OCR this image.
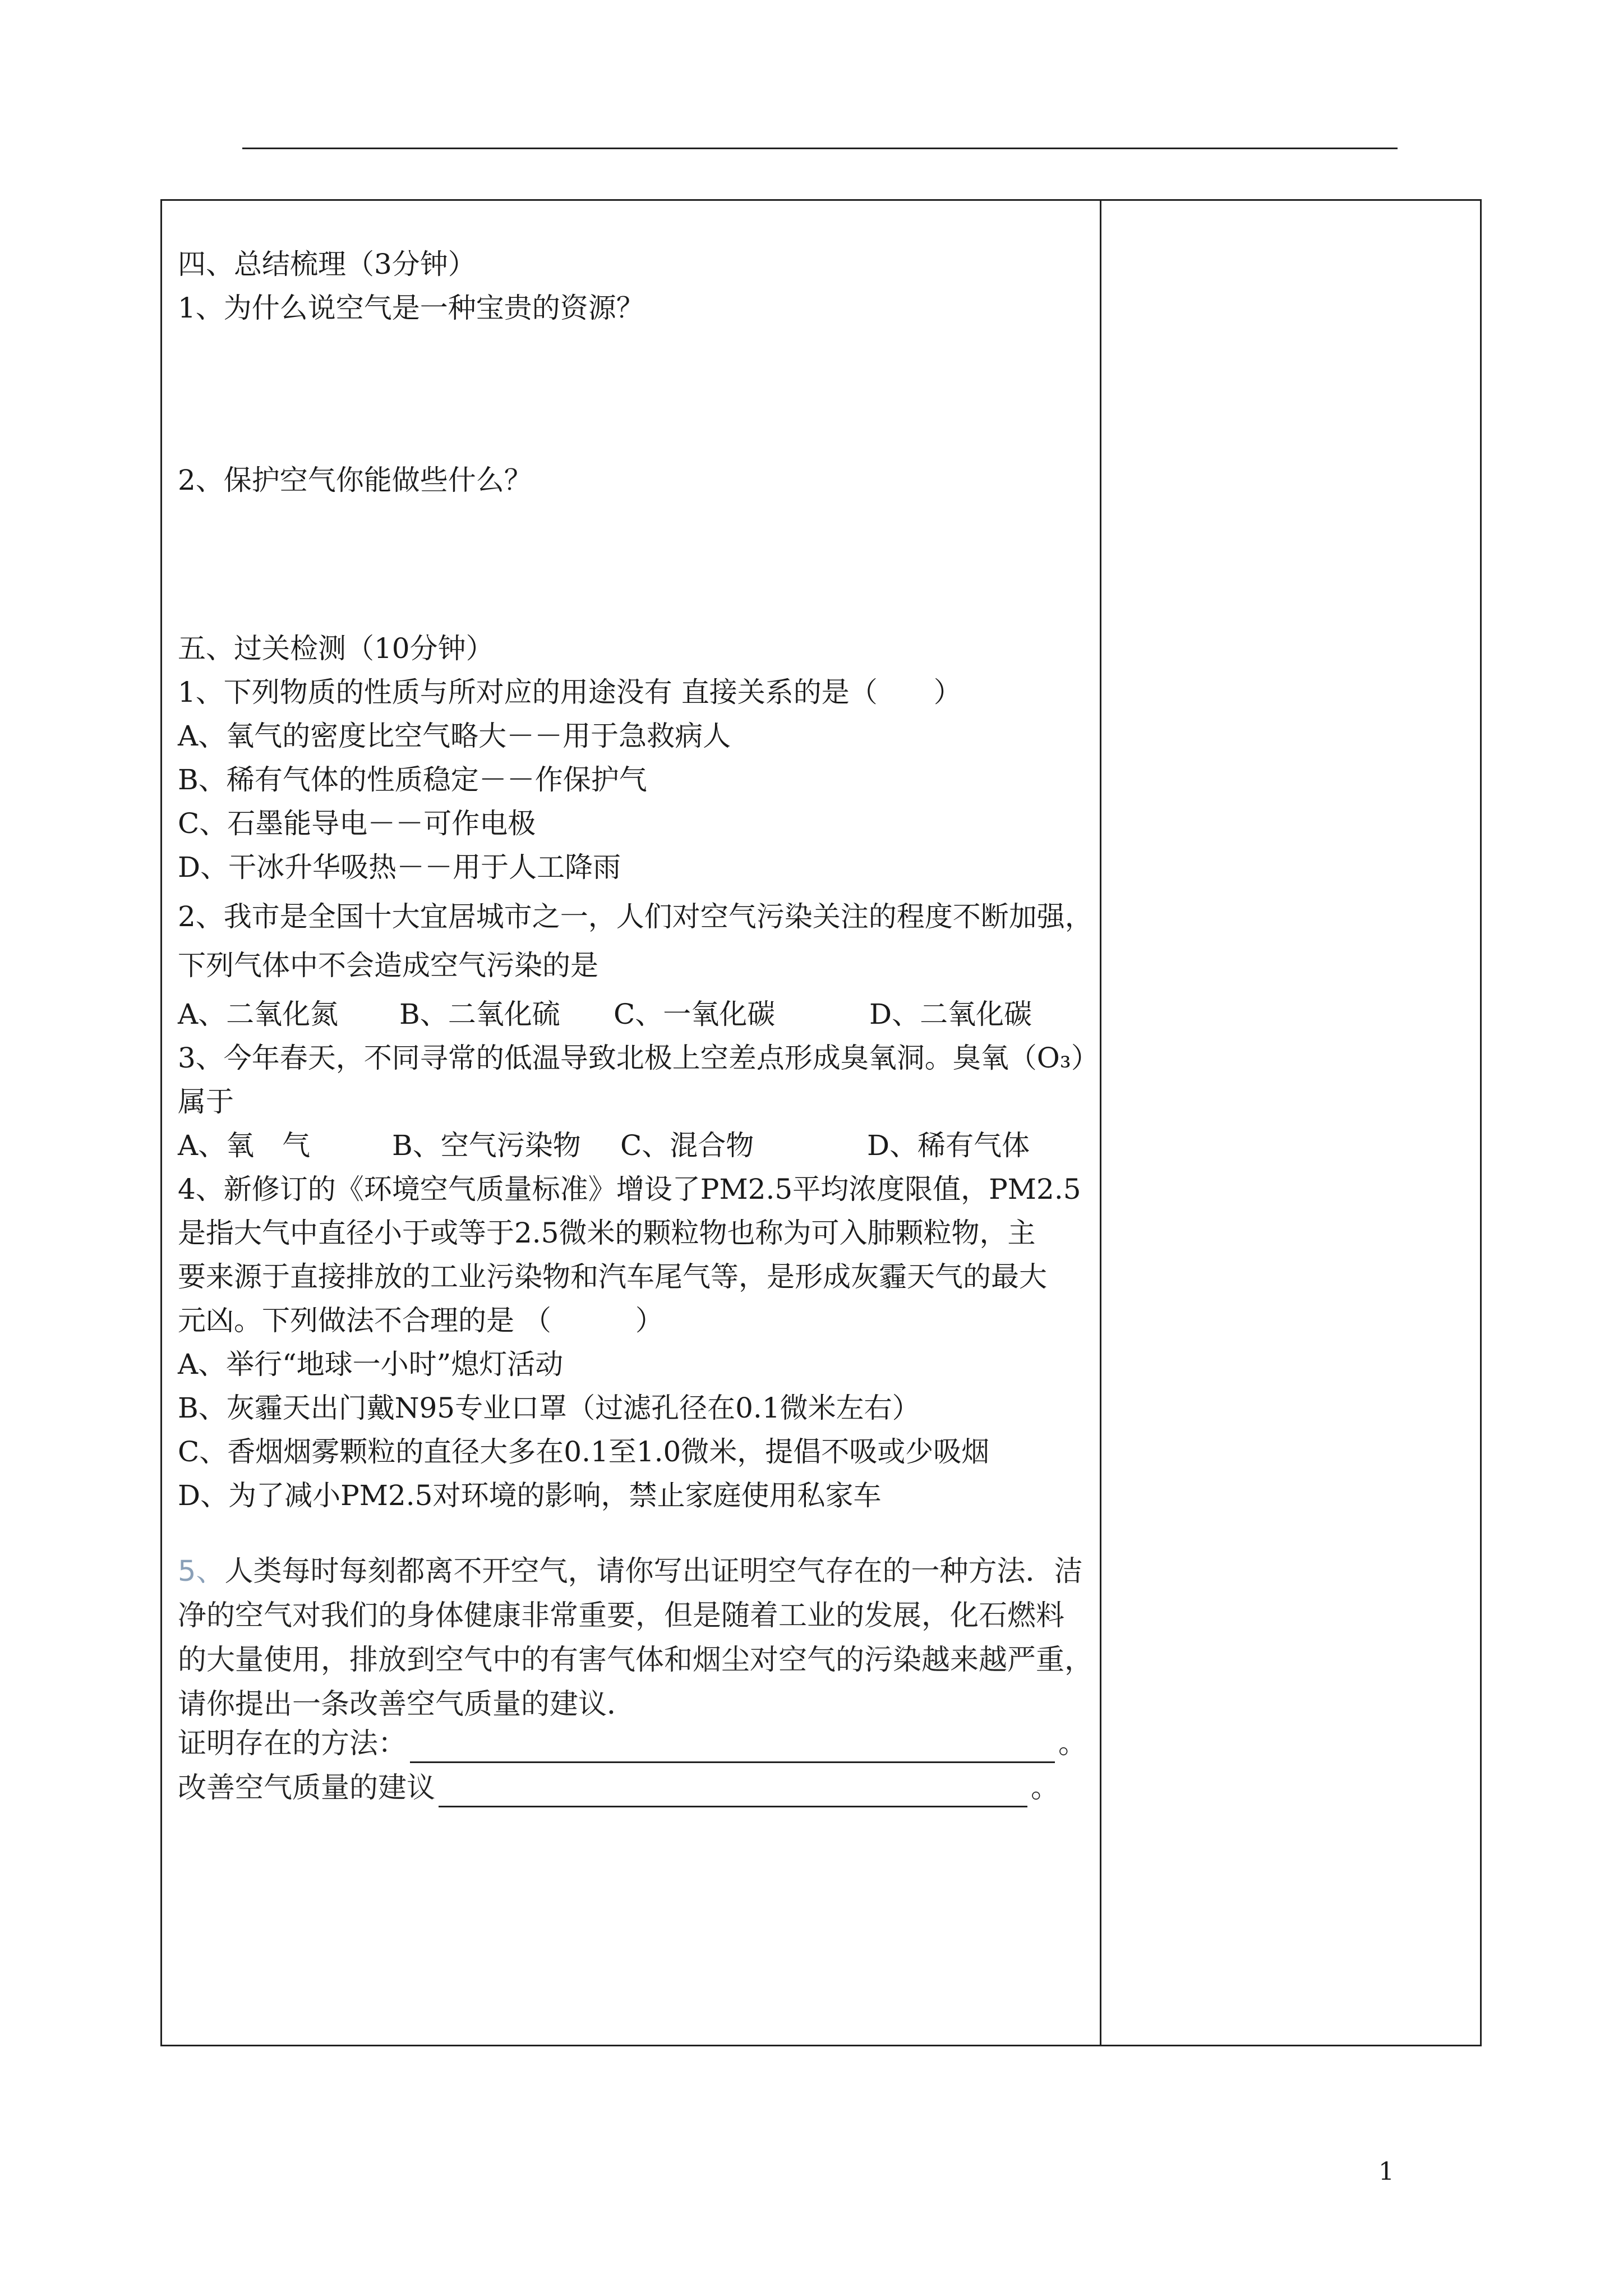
四、总结梳理（3分钟）
1、为什么说空气是一种宝贵的资源？
2、保护空气你能做些什么？
五、过关检测（10分钟）
1、下列物质的性质与所对应的用途没有 直接关系的是（　　）
A、氧气的密度比空气略大－－用于急救病人
B、稀有气体的性质稳定－－作保护气
C、石墨能导电－－可作电极
D、干冰升华吸热－－用于人工降雨
2、我市是全国十大宜居城市之一，人们对空气污染关注的程度不断加强，
下列气体中不会造成空气污染的是
A、二氧化氮	B、二氧化硫	C、一氧化碳	D、二氧化碳
3、今年春天，不同寻常的低温导致北极上空差点形成臭氧洞。臭氧（O₃）
属于
A、氧　气	B、空气污染物	C、混合物	D、稀有气体
4、新修订的《环境空气质量标准》增设了PM2.5平均浓度限值，PM2.5
是指大气中直径小于或等于2.5微米的颗粒物也称为可入肺颗粒物，主
要来源于直接排放的工业污染物和汽车尾气等，是形成灰霾天气的最大
元凶。下列做法不合理的是 （　　　）
A、举行“地球一小时”熄灯活动
B、灰霾天出门戴N95专业口罩（过滤孔径在0.1微米左右）
C、香烟烟雾颗粒的直径大多在0.1至1.0微米，提倡不吸或少吸烟
D、为了减小PM2.5对环境的影响，禁止家庭使用私家车
5、人类每时每刻都离不开空气，请你写出证明空气存在的一种方法．洁
净的空气对我们的身体健康非常重要，但是随着工业的发展，化石燃料
的大量使用，排放到空气中的有害气体和烟尘对空气的污染越来越严重，
请你提出一条改善空气质量的建议．
证明存在的方法：	。
改善空气质量的建议	。
1
